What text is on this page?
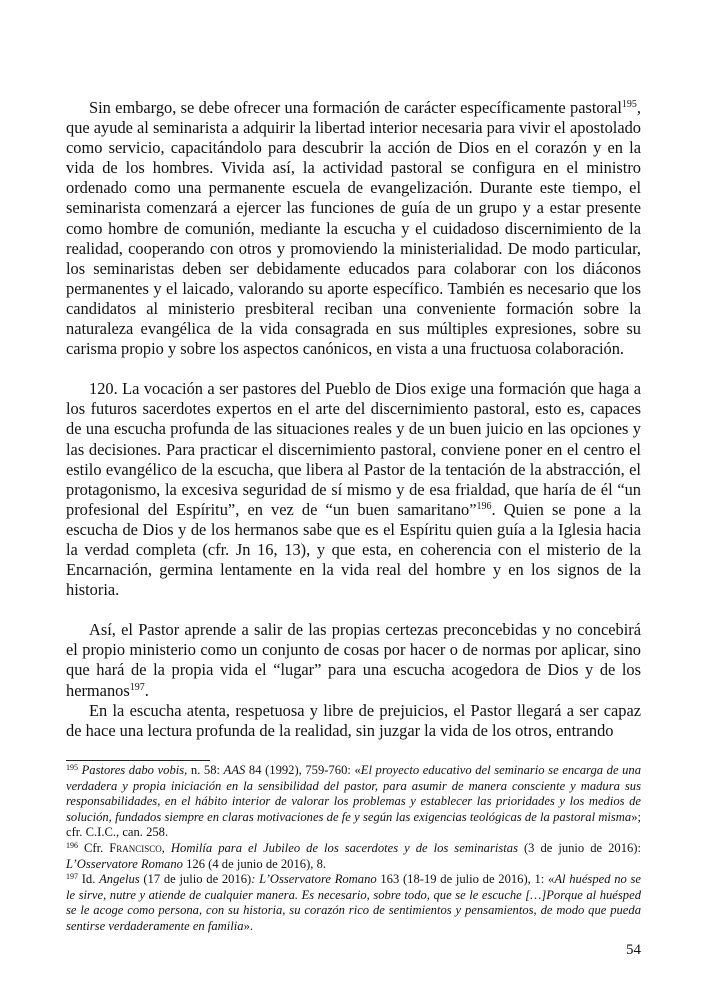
Sin embargo, se debe ofrecer una formación de carácter específicamente pastoral$^{195}$, que ayude al seminarista a adquirir la libertad interior necesaria para vivir el apostolado como servicio, capacitándolo para descubrir la acción de Dios en el corazón y en la vida de los hombres. Vivida así, la actividad pastoral se configura en el ministro ordenado como una permanente escuela de evangelización. Durante este tiempo, el seminarista comenzará a ejercer las funciones de guía de un grupo y a estar presente como hombre de comunión, mediante la escucha y el cuidadoso discernimiento de la realidad, cooperando con otros y promoviendo la ministerialidad. De modo particular, los seminaristas deben ser debidamente educados para colaborar con los diáconos permanentes y el laicado, valorando su aporte específico. También es necesario que los candidatos al ministerio presbiteral reciban una conveniente formación sobre la naturaleza evangélica de la vida consagrada en sus múltiples expresiones, sobre su carisma propio y sobre los aspectos canónicos, en vista a una fructuosa colaboración.

120. La vocación a ser pastores del Pueblo de Dios exige una formación que haga a los futuros sacerdotes expertos en el arte del discernimiento pastoral, esto es, capaces de una escucha profunda de las situaciones reales y de un buen juicio en las opciones y las decisiones. Para practicar el discernimiento pastoral, conviene poner en el centro el estilo evangélico de la escucha, que libera al Pastor de la tentación de la abstracción, el protagonismo, la excesiva seguridad de sí mismo y de esa frialdad, que haría de él “un profesional del Espíritu”, en vez de “un buen samaritano”$^{196}$. Quien se pone a la escucha de Dios y de los hermanos sabe que es el Espíritu quien guía a la Iglesia hacia la verdad completa (cfr. Jn 16, 13), y que esta, en coherencia con el misterio de la Encarnación, germina lentamente en la vida real del hombre y en los signos de la historia.

Así, el Pastor aprende a salir de las propias certezas preconcebidas y no concebirá el propio ministerio como un conjunto de cosas por hacer o de normas por aplicar, sino que hará de la propia vida el “lugar” para una escucha acogedora de Dios y de los hermanos$^{197}$.

En la escucha atenta, respetuosa y libre de prejuicios, el Pastor llegará a ser capaz de hace una lectura profunda de la realidad, sin juzgar la vida de los otros, entrando

$^{195}$ Pastores dabo vobis, n. 58: AAS 84 (1992), 759-760: «El proyecto educativo del seminario se encarga de una verdadera y propia iniciación en la sensibilidad del pastor, para asumir de manera consciente y madura sus responsabilidades, en el hábito interior de valorar los problemas y establecer las prioridades y los medios de solución, fundados siempre en claras motivaciones de fe y según las exigencias teológicas de la pastoral misma»; cfr. C.I.C., can. 258.

$^{196}$ Cfr. Francisco, Homilía para el Jubileo de los sacerdotes y de los seminaristas (3 de junio de 2016): L’Osservatore Romano 126 (4 de junio de 2016), 8.

$^{197}$ Id. Angelus (17 de julio de 2016): L’Osservatore Romano 163 (18-19 de julio de 2016), 1: «Al huésped no se le sirve, nutre y atiende de cualquier manera. Es necesario, sobre todo, que se le escuche […]Porque al huésped se le acoge como persona, con su historia, su corazón rico de sentimientos y pensamientos, de modo que pueda sentirse verdaderamente en familia».

54
